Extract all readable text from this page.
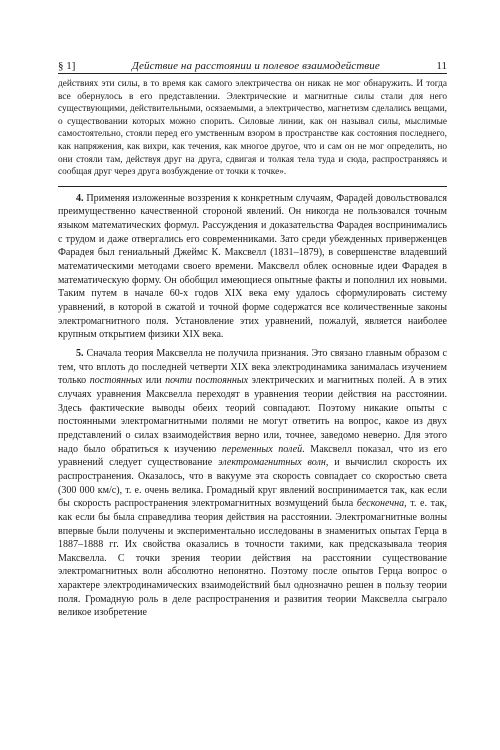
§ 1]	Действие на расстоянии и полевое взаимодействие	11

действиях эти силы, в то время как самого электричества он никак не мог обнаружить. И тогда все обернулось в его представлении. Электрические и магнитные силы стали для него существующими, действительными, осязаемыми, а электричество, магнетизм сделались вещами, о существовании которых можно спорить. Силовые линии, как он называл силы, мыслимые самостоятельно, стояли перед его умственным взором в пространстве как состояния последнего, как напряжения, как вихри, как течения, как многое другое, что и сам он не мог определить, но они стояли там, действуя друг на друга, сдвигая и толкая тела туда и сюда, распространяясь и сообщая друг через друга возбуждение от точки к точке».

4. Применяя изложенные воззрения к конкретным случаям, Фарадей довольствовался преимущественно качественной стороной явлений. Он никогда не пользовался точным языком математических формул. Рассуждения и доказательства Фарадея воспринимались с трудом и даже отвергались его современниками. Зато среди убежденных приверженцев Фарадея был гениальный Джеймс К. Максвелл (1831–1879), в совершенстве владевший математическими методами своего времени. Максвелл облек основные идеи Фарадея в математическую форму. Он обобщил имеющиеся опытные факты и пополнил их новыми. Таким путем в начале 60-х годов XIX века ему удалось сформулировать систему уравнений, в которой в сжатой и точной форме содержатся все количественные законы электромагнитного поля. Установление этих уравнений, пожалуй, является наиболее крупным открытием физики XIX века.

5. Сначала теория Максвелла не получила признания. Это связано главным образом с тем, что вплоть до последней четверти XIX века электродинамика занималась изучением только постоянных или почти постоянных электрических и магнитных полей. А в этих случаях уравнения Максвелла переходят в уравнения теории действия на расстоянии. Здесь фактические выводы обеих теорий совпадают. Поэтому никакие опыты с постоянными электромагнитными полями не могут ответить на вопрос, какое из двух представлений о силах взаимодействия верно или, точнее, заведомо неверно. Для этого надо было обратиться к изучению переменных полей. Максвелл показал, что из его уравнений следует существование электромагнитных волн, и вычислил скорость их распространения. Оказалось, что в вакууме эта скорость совпадает со скоростью света (300 000 км/с), т. е. очень велика. Громадный круг явлений воспринимается так, как если бы скорость распространения электромагнитных возмущений была бесконечна, т. е. так, как если бы была справедлива теория действия на расстоянии. Электромагнитные волны впервые были получены и экспериментально исследованы в знаменитых опытах Герца в 1887–1888 гг. Их свойства оказались в точности такими, как предсказывала теория Максвелла. С точки зрения теории действия на расстоянии существование электромагнитных волн абсолютно непонятно. Поэтому после опытов Герца вопрос о характере электродинамических взаимодействий был однозначно решен в пользу теории поля. Громадную роль в деле распространения и развития теории Максвелла сыграло великое изобретение
